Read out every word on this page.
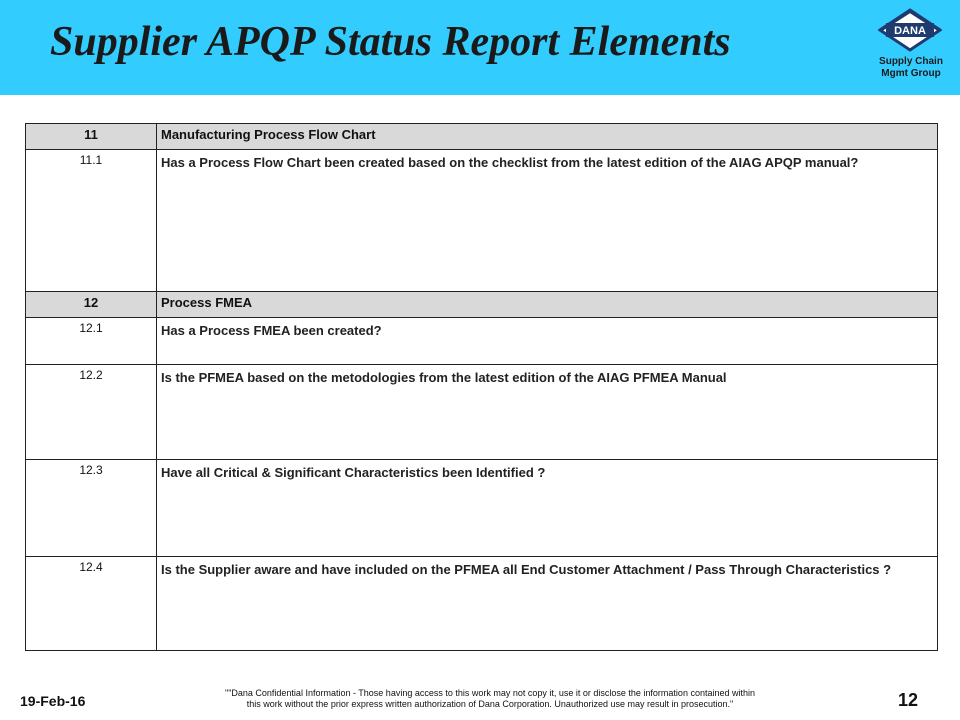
Supplier APQP Status Report Elements	DANA
Supply Chain
Mgmt Group
11	Manufacturing Process Flow Chart
11.1	Has a Process Flow Chart been created based on the checklist from the latest edition of the AIAG APQP manual?
12	Process FMEA
12.1	Has a Process FMEA been created?
12.2	Is the PFMEA based on the metodologies from the latest edition of the AIAG PFMEA Manual
12.3	Have all Critical & Significant Characteristics been Identified ?
12.4	Is the Supplier aware and have included on the PFMEA all End Customer Attachment / Pass Through Characteristics ?
19-Feb-16	""Dana Confidential Information - Those having access to this work may not copy it, use it or disclose the information contained within
this work without the prior express written authorization of Dana Corporation. Unauthorized use may result in prosecution."	12
